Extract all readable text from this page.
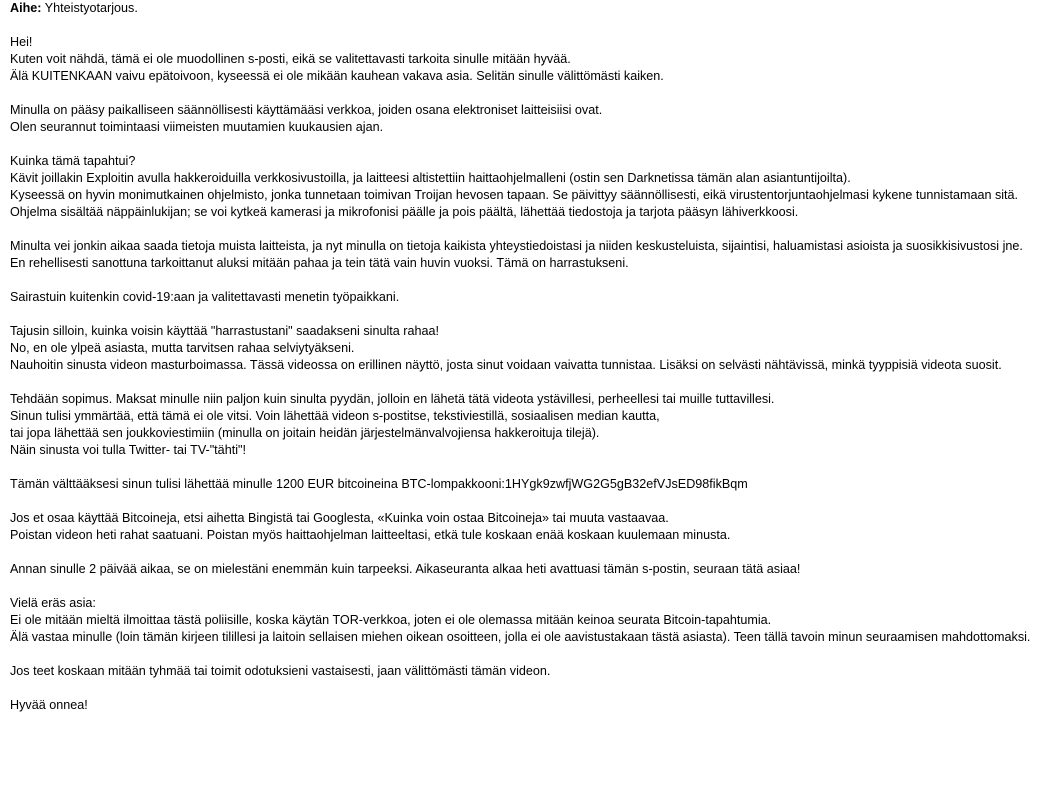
Aihe: Yhteistyotarjous.
Hei!
Kuten voit nähdä, tämä ei ole muodollinen s-posti, eikä se valitettavasti tarkoita sinulle mitään hyvää.
Älä KUITENKAAN vaivu epätoivoon, kyseessä ei ole mikään kauhean vakava asia. Selitän sinulle välittömästi kaiken.
Minulla on pääsy paikalliseen säännöllisesti käyttämääsi verkkoa, joiden osana elektroniset laitteisiisi ovat.
Olen seurannut toimintaasi viimeisten muutamien kuukausien ajan.
Kuinka tämä tapahtui?
Kävit joillakin Exploitin avulla hakkeroiduilla verkkosivustoilla, ja laitteesi altistettiin haittaohjelmalleni (ostin sen Darknetissa tämän alan asiantuntijoilta).
Kyseessä on hyvin monimutkainen ohjelmisto, jonka tunnetaan toimivan Troijan hevosen tapaan. Se päivittyy säännöllisesti, eikä virustentorjuntaohjelmasi kykene tunnistamaan sitä.
Ohjelma sisältää näppäinlukijan; se voi kytkeä kamerasi ja mikrofonisi päälle ja pois päältä, lähettää tiedostoja ja tarjota pääsyn lähiverkkoosi.
Minulta vei jonkin aikaa saada tietoja muista laitteista, ja nyt minulla on tietoja kaikista yhteystiedoistasi ja niiden keskusteluista, sijaintisi, haluamistasi asioista ja suosikkisivustosi jne.
En rehellisesti sanottuna tarkoittanut aluksi mitään pahaa ja tein tätä vain huvin vuoksi. Tämä on harrastukseni.
Sairastuin kuitenkin covid-19:aan ja valitettavasti menetin työpaikkani.
Tajusin silloin, kuinka voisin käyttää "harrastustani" saadakseni sinulta rahaa!
No, en ole ylpeä asiasta, mutta tarvitsen rahaa selviytyäkseni.
Nauhoitin sinusta videon masturboimassa. Tässä videossa on erillinen näyttö, josta sinut voidaan vaivatta tunnistaa. Lisäksi on selvästi nähtävissä, minkä tyyppisiä videota suosit.
Tehdään sopimus. Maksat minulle niin paljon kuin sinulta pyydän, jolloin en lähetä tätä videota ystävillesi, perheellesi tai muille tuttavillesi.
Sinun tulisi ymmärtää, että tämä ei ole vitsi. Voin lähettää videon s-postitse, tekstiviestillä, sosiaalisen median kautta,
tai jopa lähettää sen joukkoviestimiin (minulla on joitain heidän järjestelmänvalvojiensa hakkeroituja tilejä).
Näin sinusta voi tulla Twitter- tai TV-"tähti"!
Tämän välttääksesi sinun tulisi lähettää minulle 1200 EUR bitcoineina BTC-lompakkooni:1HYgk9zwfjWG2G5gB32efVJsED98fikBqm
Jos et osaa käyttää Bitcoineja, etsi aihetta Bingistä tai Googlesta, «Kuinka voin ostaa Bitcoineja» tai muuta vastaavaa.
Poistan videon heti rahat saatuani. Poistan myös haittaohjelman laitteeltasi, etkä tule koskaan enää koskaan kuulemaan minusta.
Annan sinulle 2 päivää aikaa, se on mielestäni enemmän kuin tarpeeksi. Aikaseuranta alkaa heti avattuasi tämän s-postin, seuraan tätä asiaa!
Vielä eräs asia:
Ei ole mitään mieltä ilmoittaa tästä poliisille, koska käytän TOR-verkkoa, joten ei ole olemassa mitään keinoa seurata Bitcoin-tapahtumia.
Älä vastaa minulle (loin tämän kirjeen tilillesi ja laitoin sellaisen miehen oikean osoitteen, jolla ei ole aavistustakaan tästä asiasta). Teen tällä tavoin minun seuraamisen mahdottomaksi.
Jos teet koskaan mitään tyhmää tai toimit odotuksieni vastaisesti, jaan välittömästi tämän videon.
Hyvää onnea!
